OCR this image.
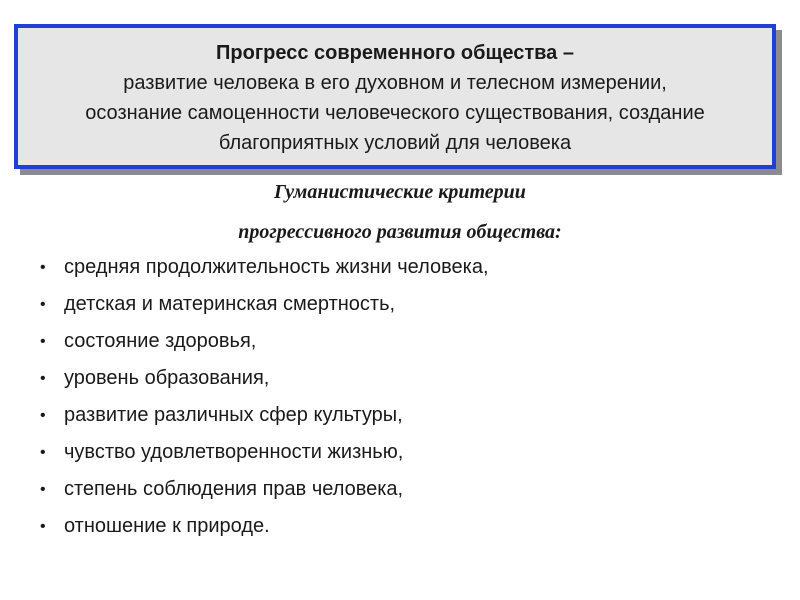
Прогресс современного общества –
развитие человека в его духовном и телесном измерении,
осознание самоценности человеческого существования, создание
благоприятных условий для человека
Гуманистические критерии
прогрессивного развития общества:
• средняя продолжительность жизни человека,
• детская и материнская смертность,
• состояние здоровья,
• уровень образования,
• развитие различных сфер культуры,
• чувство удовлетворенности жизнью,
• степень соблюдения прав человека,
• отношение к природе.
